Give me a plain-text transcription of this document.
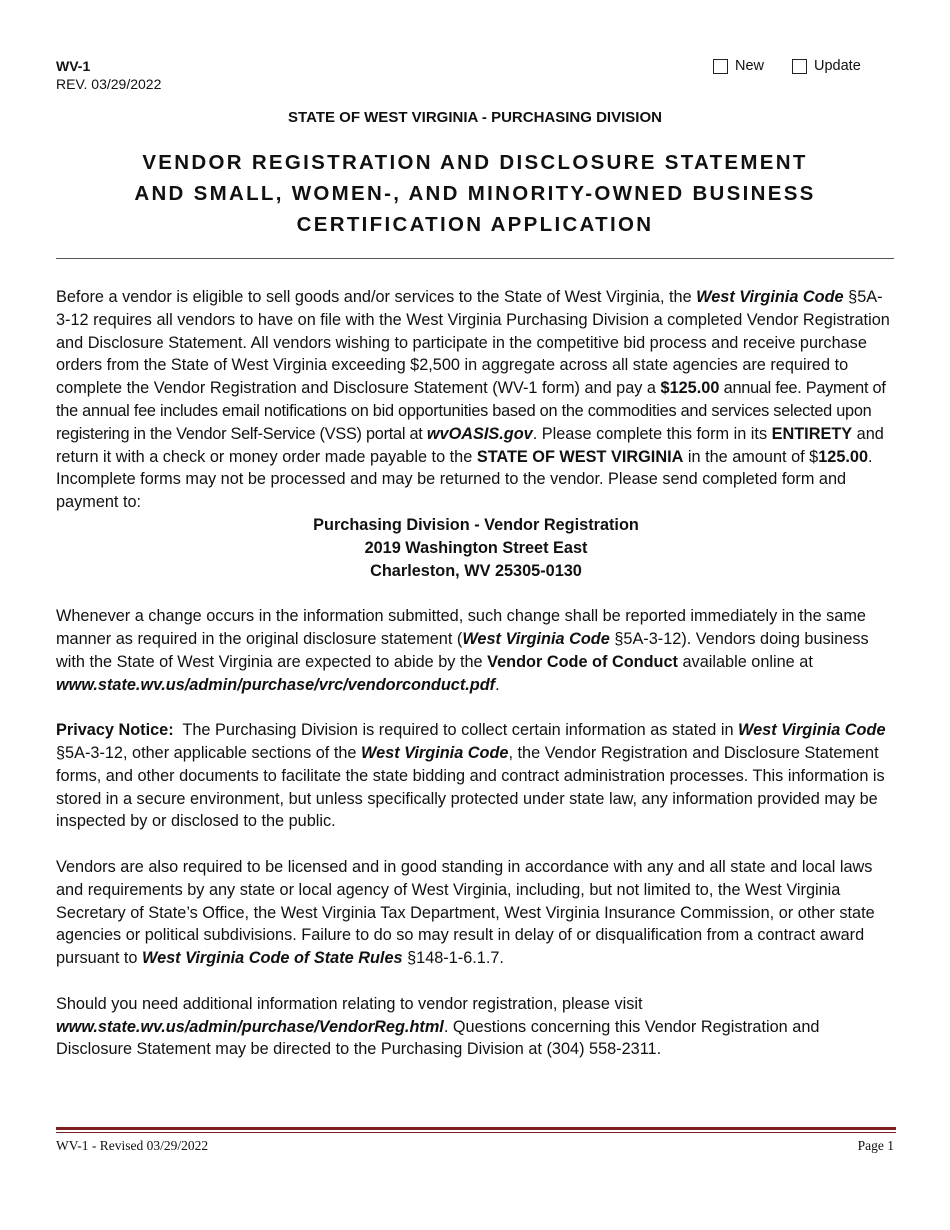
WV-1
REV. 03/29/2022
New	Update
STATE OF WEST VIRGINIA - PURCHASING DIVISION
VENDOR REGISTRATION AND DISCLOSURE STATEMENT
AND SMALL, WOMEN-, AND MINORITY-OWNED BUSINESS
CERTIFICATION APPLICATION

Before a vendor is eligible to sell goods and/or services to the State of West Virginia, the West Virginia Code §5A-3-12 requires all vendors to have on file with the West Virginia Purchasing Division a completed Vendor Registration and Disclosure Statement. All vendors wishing to participate in the competitive bid process and receive purchase orders from the State of West Virginia exceeding $2,500 in aggregate across all state agencies are required to complete the Vendor Registration and Disclosure Statement (WV-1 form) and pay a $125.00 annual fee. Payment of the annual fee includes email notifications on bid opportunities based on the commodities and services selected upon registering in the Vendor Self-Service (VSS) portal at wvOASIS.gov. Please complete this form in its ENTIRETY and return it with a check or money order made payable to the STATE OF WEST VIRGINIA in the amount of $125.00. Incomplete forms may not be processed and may be returned to the vendor. Please send completed form and payment to:

Purchasing Division - Vendor Registration
2019 Washington Street East
Charleston, WV 25305-0130

Whenever a change occurs in the information submitted, such change shall be reported immediately in the same manner as required in the original disclosure statement (West Virginia Code §5A-3-12). Vendors doing business with the State of West Virginia are expected to abide by the Vendor Code of Conduct available online at www.state.wv.us/admin/purchase/vrc/vendorconduct.pdf.

Privacy Notice:  The Purchasing Division is required to collect certain information as stated in West Virginia Code §5A-3-12, other applicable sections of the West Virginia Code, the Vendor Registration and Disclosure Statement forms, and other documents to facilitate the state bidding and contract administration processes. This information is stored in a secure environment, but unless specifically protected under state law, any information provided may be inspected by or disclosed to the public.

Vendors are also required to be licensed and in good standing in accordance with any and all state and local laws and requirements by any state or local agency of West Virginia, including, but not limited to, the West Virginia Secretary of State’s Office, the West Virginia Tax Department, West Virginia Insurance Commission, or other state agencies or political subdivisions. Failure to do so may result in delay of or disqualification from a contract award pursuant to West Virginia Code of State Rules §148-1-6.1.7.

Should you need additional information relating to vendor registration, please visit www.state.wv.us/admin/purchase/VendorReg.html. Questions concerning this Vendor Registration and Disclosure Statement may be directed to the Purchasing Division at (304) 558-2311.

WV-1 - Revised 03/29/2022	Page 1
